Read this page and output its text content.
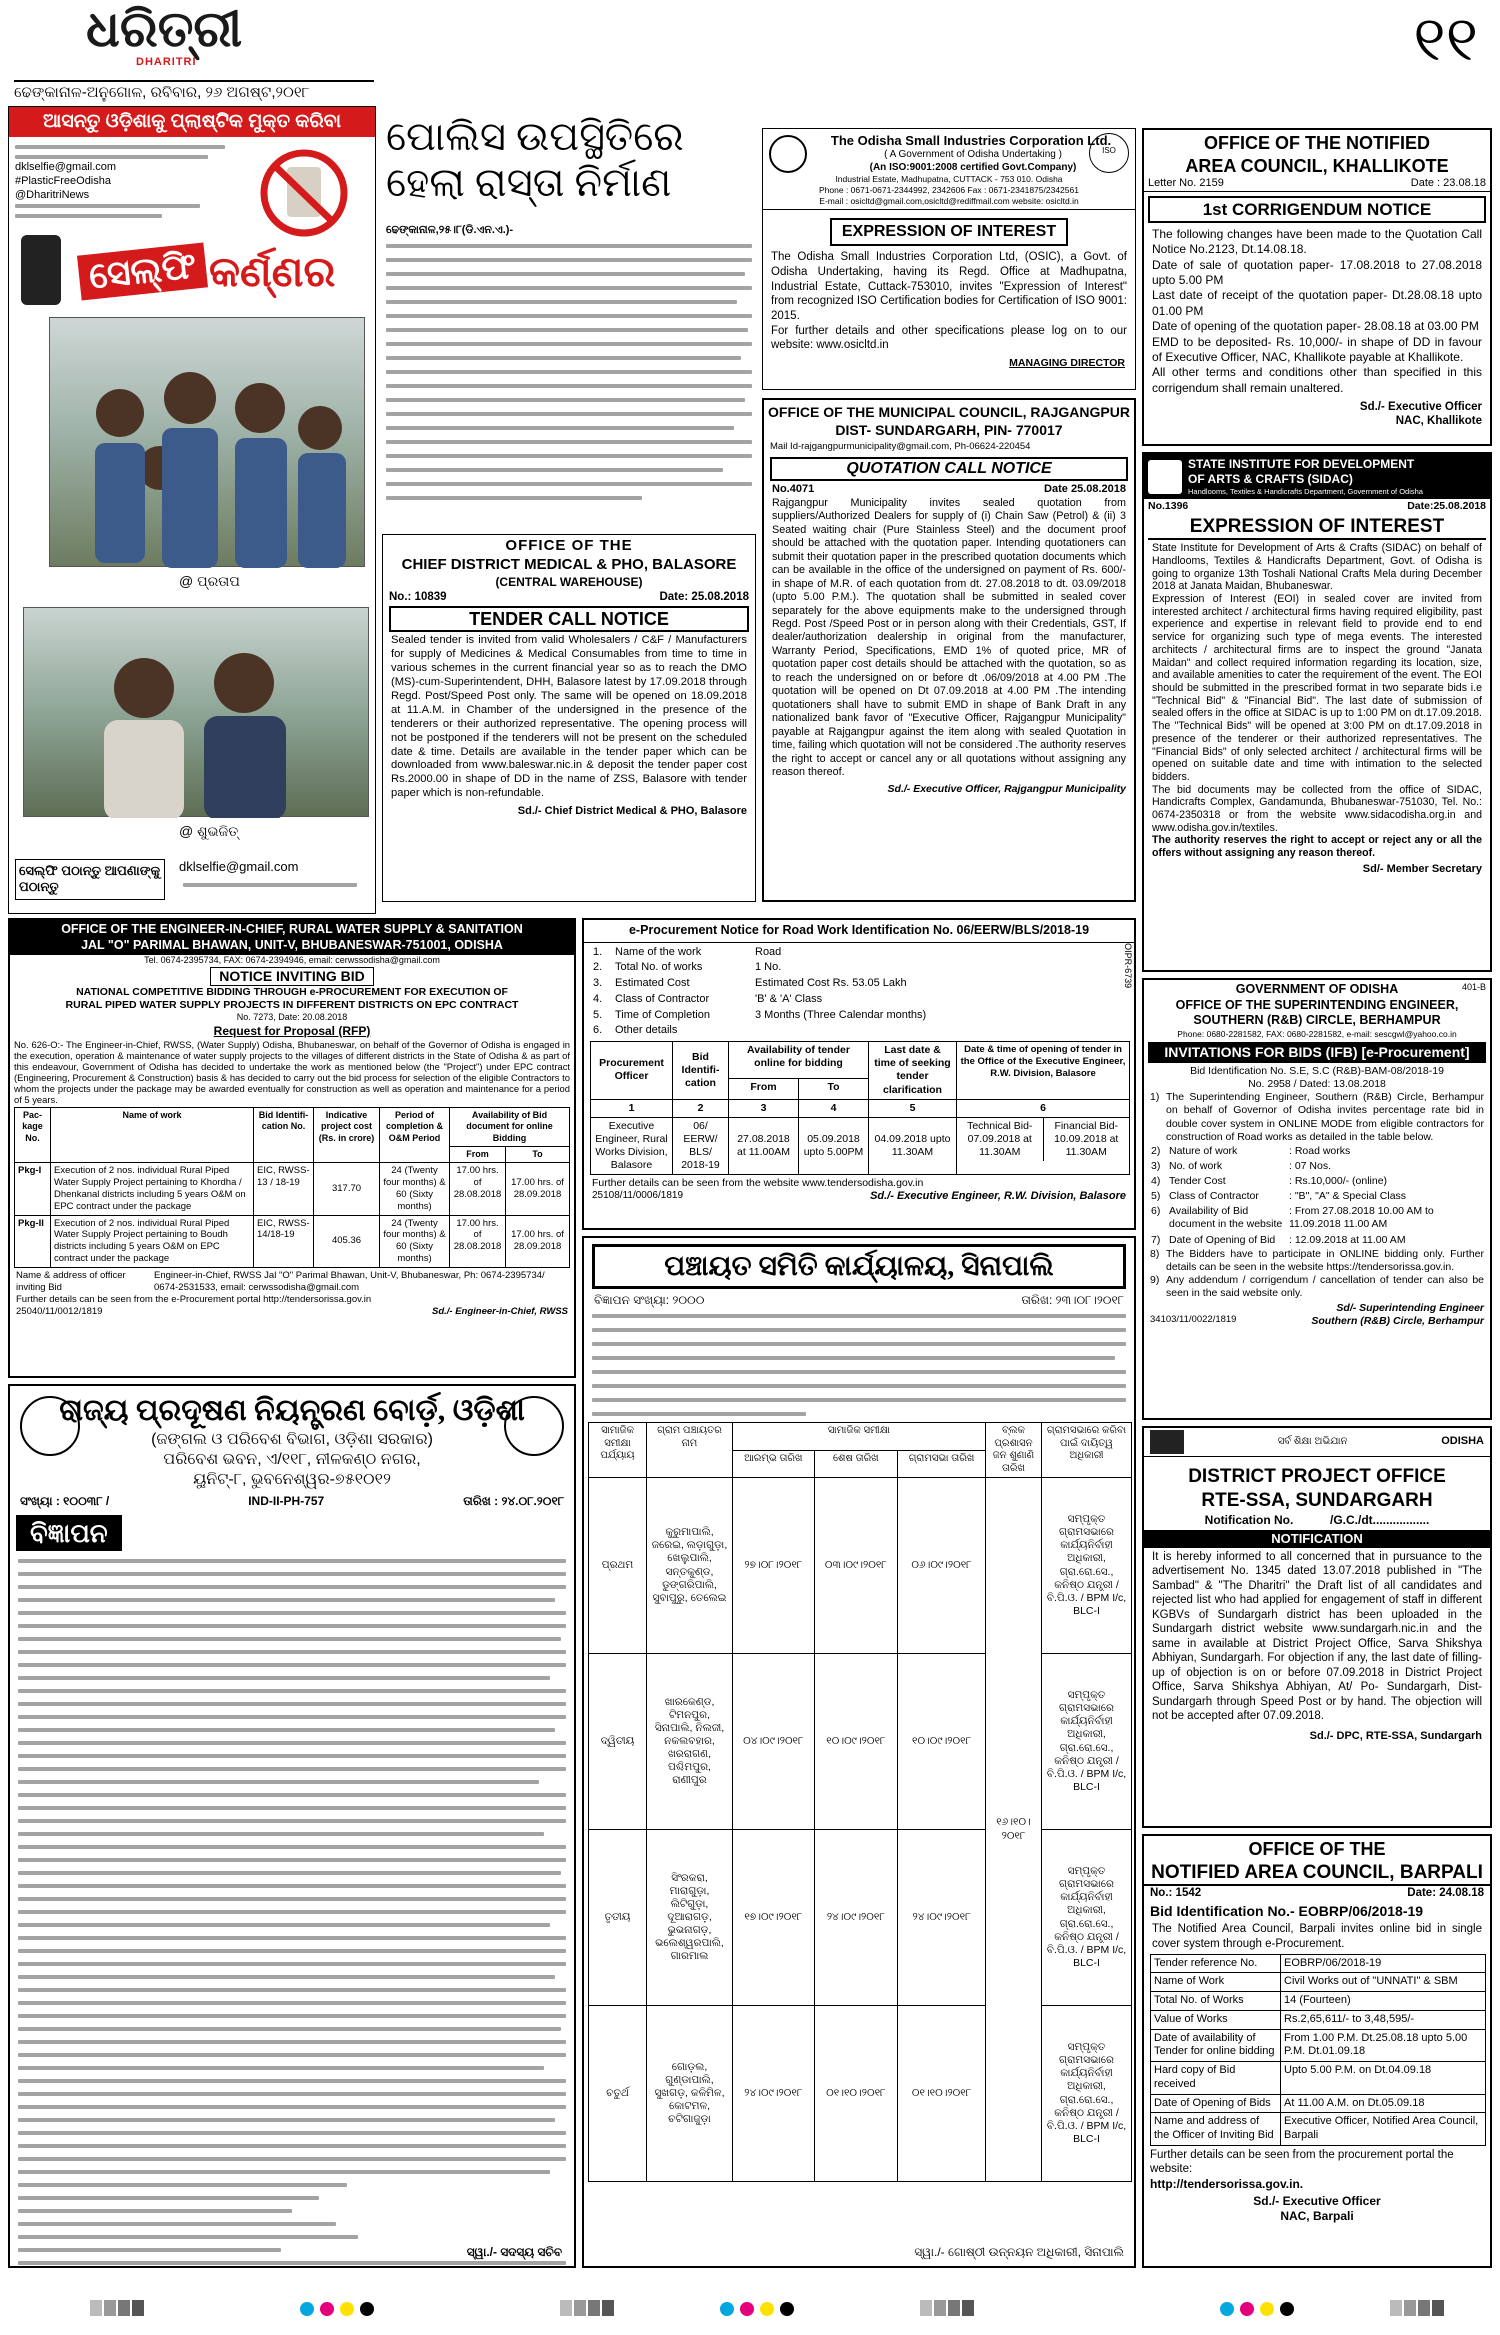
ଧରିତ୍ରୀ
DHARITRI
ଢେଙ୍କାନାଳ-ଅନୁଗୋଳ, ରବିବାର, ୨୬ ଅଗଷ୍ଟ,୨୦୧୮
୧୧
ଆସନ୍ତୁ ଓଡ଼ିଶାକୁ ପ୍ଲାଷ୍ଟିକ ମୁକ୍ତ କରିବା
dklselfie@gmail.com
#PlasticFreeOdisha
@DharitriNews
ସେଲ୍ଫି କର୍ଣ୍ଣର
@ ପ୍ରତାପ
@ ଶୁଭଜିତ୍
ସେଲ୍ଫି ପଠାନ୍ତୁ ଆପଣାଙ୍କୁ ପଠାନ୍ତୁ
dklselfie@gmail.com
ପୋଲିସ ଉପସ୍ଥିତିରେ ହେଲା ରାସ୍ତା ନିର୍ମାଣ
ଢେଙ୍କାନାଳ,୨୫।୮(ଡି.ଏନ.ଏ.)-
The Odisha Small Industries Corporation Ltd.
( A Government of Odisha Undertaking )
(An ISO:9001:2008 certified Govt.Company)
Industrial Estate, Madhupatna, CUTTACK - 753 010. Odisha
Phone : 0671-0671-2344992, 2342606 Fax : 0671-2341875/2342561
E-mail : osicltd@gmail.com,osicltd@rediffmail.com website: osicltd.in
ISO
EXPRESSION OF INTEREST
The Odisha Small Industries Corporation Ltd, (OSIC), a Govt. of Odisha Undertaking, having its Regd. Office at Madhupatna, Industrial Estate, Cuttack-753010, invites "Expression of Interest" from recognized ISO Certification bodies for Certification of ISO 9001: 2015.
For further details and other specifications please log on to our website: www.osicltd.in
MANAGING DIRECTOR
OFFICE OF THE NOTIFIED
AREA COUNCIL, KHALLIKOTE
Letter No. 2159	Date : 23.08.18
1st CORRIGENDUM NOTICE
The following changes have been made to the Quotation Call Notice No.2123, Dt.14.08.18.
Date of sale of quotation paper- 17.08.2018 to 27.08.2018 upto 5.00 PM
Last date of receipt of the quotation paper- Dt.28.08.18 upto 01.00 PM
Date of opening of the quotation paper- 28.08.18 at 03.00 PM
EMD to be deposited- Rs. 10,000/- in shape of DD in favour of Executive Officer, NAC, Khallikote payable at Khallikote.
All other terms and conditions other than specified in this corrigendum shall remain unaltered.
Sd./- Executive Officer
NAC, Khallikote
OFFICE OF THE MUNICIPAL COUNCIL, RAJGANGPUR
DIST- SUNDARGARH, PIN- 770017
Mail Id-rajgangpurmunicipality@gmail.com, Ph-06624-220454
QUOTATION CALL NOTICE
No.4071	Date 25.08.2018
Rajgangpur Municipality invites sealed quotation from suppliers/Authorized Dealers for supply of (i) Chain Saw (Petrol) & (ii) 3 Seated waiting chair (Pure Stainless Steel) and the document proof should be attached with the quotation paper. Intending quotationers can submit their quotation paper in the prescribed quotation documents which can be available in the office of the undersigned on payment of Rs. 600/- in shape of M.R. of each quotation from dt. 27.08.2018 to dt. 03.09/2018 (upto 5.00 P.M.). The quotation shall be submitted in sealed cover separately for the above equipments make to the undersigned through Regd. Post /Speed Post or in person along with their Credentials, GST, If dealer/authorization dealership in original from the manufacturer, Warranty Period, Specifications, EMD 1% of quoted price, MR of quotation paper cost details should be attached with the quotation, so as to reach the undersigned on or before dt .06/09/2018 at 4.00 PM .The quotation will be opened on Dt 07.09.2018 at 4.00 PM .The intending quotationers shall have to submit EMD in shape of Bank Draft in any nationalized bank favor of "Executive Officer, Rajgangpur Municipality" payable at Rajgangpur against the item along with sealed Quotation in time, failing which quotation will not be considered .The authority reserves the right to accept or cancel any or all quotations without assigning any reason thereof.
Sd./- Executive Officer, Rajgangpur Municipality
STATE INSTITUTE FOR DEVELOPMENT
OF ARTS & CRAFTS (SIDAC)
Handlooms, Textiles & Handicrafts Department, Government of Odisha
No.1396	Date:25.08.2018
EXPRESSION OF INTEREST
State Institute for Development of Arts & Crafts (SIDAC) on behalf of Handlooms, Textiles & Handicrafts Department, Govt. of Odisha is going to organize 13th Toshali National Crafts Mela during December 2018 at Janata Maidan, Bhubaneswar.
Expression of Interest (EOI) in sealed cover are invited from interested architect / architectural firms having required eligibility, past experience and expertise in relevant field to provide end to end service for organizing such type of mega events. The interested architects / architectural firms are to inspect the ground "Janata Maidan" and collect required information regarding its location, size, and available amenities to cater the requirement of the event. The EOI should be submitted in the prescribed format in two separate bids i.e "Technical Bid" & "Financial Bid". The last date of submission of sealed offers in the office at SIDAC is up to 1:00 PM on dt.17.09.2018. The "Technical Bids" will be opened at 3:00 PM on dt.17.09.2018 in presence of the tenderer or their authorized representatives. The "Financial Bids" of only selected architect / architectural firms will be opened on suitable date and time with intimation to the selected bidders.
The bid documents may be collected from the office of SIDAC, Handicrafts Complex, Gandamunda, Bhubaneswar-751030, Tel. No.: 0674-2350318 or from the website www.sidacodisha.org.in and www.odisha.gov.in/textiles.
The authority reserves the right to accept or reject any or all the offers without assigning any reason thereof.
Sd/- Member Secretary
OFFICE OF THE
CHIEF DISTRICT MEDICAL & PHO, BALASORE
(CENTRAL WAREHOUSE)
No.: 10839	Date: 25.08.2018
TENDER CALL NOTICE
Sealed tender is invited from valid Wholesalers / C&F / Manufacturers for supply of Medicines & Medical Consumables from time to time in various schemes in the current financial year so as to reach the DMO (MS)-cum-Superintendent, DHH, Balasore latest by 17.09.2018 through Regd. Post/Speed Post only. The same will be opened on 18.09.2018 at 11.A.M. in Chamber of the undersigned in the presence of the tenderers or their authorized representative. The opening process will not be postponed if the tenderers will not be present on the scheduled date & time. Details are available in the tender paper which can be downloaded from www.baleswar.nic.in & deposit the tender paper cost Rs.2000.00 in shape of DD in the name of ZSS, Balasore with tender paper which is non-refundable.
Sd./- Chief District Medical & PHO, Balasore
OFFICE OF THE ENGINEER-IN-CHIEF, RURAL WATER SUPPLY & SANITATION
JAL "O" PARIMAL BHAWAN, UNIT-V, BHUBANESWAR-751001, ODISHA
Tel. 0674-2395734, FAX: 0674-2394946, email: cerwssodisha@gmail.com
NOTICE INVITING BID
NATIONAL COMPETITIVE BIDDING THROUGH e-PROCUREMENT FOR EXECUTION OF
RURAL PIPED WATER SUPPLY PROJECTS IN DIFFERENT DISTRICTS ON EPC CONTRACT
No. 7273, Date: 20.08.2018
Request for Proposal (RFP)
No. 626-O:- The Engineer-in-Chief, RWSS, (Water Supply) Odisha, Bhubaneswar, on behalf of the Governor of Odisha is engaged in the execution, operation & maintenance of water supply projects to the villages of different districts in the State of Odisha & as part of this endeavour, Government of Odisha has decided to undertake the work as mentioned below (the "Project") under EPC contract (Engineering, Procurement & Construction) basis & has decided to carry out the bid process for selection of the eligible Contractors to whom the projects under the package may be awarded eventually for construction as well as operation and maintenance for a period of 5 years.
Pac-kage No.	Name of work	Bid Identifi-cation No.	Indicative project cost (Rs. in crore)	Period of completion & O&M Period	Availability of Bid document for online Bidding	
					From	To
Pkg-I	Execution of 2 nos. individual Rural Piped Water Supply Project pertaining to Khordha / Dhenkanal districts including 5 years O&M on EPC contract under the package	EIC, RWSS-13 / 18-19	317.70	24 (Twenty four months) & 60 (Sixty months)	17.00 hrs. of 28.08.2018	17.00 hrs. of 28.09.2018
Pkg-II	Execution of 2 nos. individual Rural Piped Water Supply Project pertaining to Boudh districts including 5 years O&M on EPC contract under the package	EIC, RWSS-14/18-19	405.36	24 (Twenty four months) & 60 (Sixty months)	17.00 hrs. of 28.08.2018	17.00 hrs. of 28.09.2018
Name & address of officer inviting Bid
Engineer-in-Chief, RWSS Jal "O" Parimal Bhawan, Unit-V, Bhubaneswar, Ph: 0674-2395734/ 0674-2531533, email: cerwssodisha@gmail.com
Further details can be seen from the e-Procurement portal http://tendersorissa.gov.in
25040/11/0012/1819	Sd./- Engineer-in-Chief, RWSS
e-Procurement Notice for Road Work Identification No. 06/EERW/BLS/2018-19
OIPR-6739
1.	Name of the work	Road
2.	Total No. of works	1 No.
3.	Estimated Cost	Estimated Cost Rs. 53.05 Lakh
4.	Class of Contractor	'B' & 'A' Class
5.	Time of Completion	3 Months (Three Calendar months)
6.	Other details	
Procurement Officer	Bid Identifi-cation	Availability of tender online for bidding		Last date & time of seeking tender clarification	Date & time of opening of tender in the Office of the Executive Engineer, R.W. Division, Balasore
		From	To		
1	2	3	4	5	6
Executive Engineer, Rural Works Division, Balasore	06/ EERW/ BLS/ 2018-19	27.08.2018 at 11.00AM	05.09.2018 upto 5.00PM	04.09.2018 upto 11.30AM	Technical Bid- 07.09.2018 at 11.30AM
Financial Bid- 10.09.2018 at 11.30AM
Further details can be seen from the website www.tendersodisha.gov.in
25108/11/0006/1819	Sd./- Executive Engineer, R.W. Division, Balasore
401-B
GOVERNMENT OF ODISHA
OFFICE OF THE SUPERINTENDING ENGINEER,
SOUTHERN (R&B) CIRCLE, BERHAMPUR
Phone: 0680-2281582, FAX: 0680-2281582, e-mail: sescgwl@yahoo.co.in
INVITATIONS FOR BIDS (IFB) [e-Procurement]
Bid Identification No. S.E, S.C (R&B)-BAM-08/2018-19
No. 2958 / Dated: 13.08.2018
1) The Superintending Engineer, Southern (R&B) Circle, Berhampur on behalf of Governor of Odisha invites percentage rate bid in double cover system in ONLINE MODE from eligible contractors for construction of Road works as detailed in the table below.
2)	Nature of work	: Road works
3)	No. of work	: 07 Nos.
4)	Tender Cost	: Rs.10,000/- (online)
5)	Class of Contractor	: "B", "A" & Special Class
6)	Availability of Bid document in the website	: From 27.08.2018 10.00 AM to 11.09.2018 11.00 AM
7)	Date of Opening of Bid	: 12.09.2018 at 11.00 AM
8) The Bidders have to participate in ONLINE bidding only. Further details can be seen in the website https://tendersorissa.gov.in.
9) Any addendum / corrigendum / cancellation of tender can also be seen in the said website only.
34103/11/0022/1819
Sd/- Superintending Engineer
Southern (R&B) Circle, Berhampur
ରାଜ୍ୟ ପ୍ରଦୂଷଣ ନିୟନ୍ତ୍ରଣ ବୋର୍ଡ଼, ଓଡ଼ିଶା
(ଜଙ୍ଗଲ ଓ ପରିବେଶ ବିଭାଗ, ଓଡ଼ିଶା ସରକାର)
ପରିବେଶ ଭବନ, ଏ/୧୧୮, ନୀଳକଣ୍ଠ ନଗର,
ୟୁନିଟ୍-୮, ଭୁବନେଶ୍ୱର-୭୫୧୦୧୨
ସଂଖ୍ୟା : ୧୦୦୩୮ /	IND-II-PH-757	ତାରିଖ : ୨୪.୦୮.୨୦୧୮
ବିଜ୍ଞାପନ
ସ୍ୱା./- ସଦସ୍ୟ ସଚିବ
ପଞ୍ଚାୟତ ସମିତି କାର୍ଯ୍ୟାଳୟ, ସିନାପାଲି
ବିଜ୍ଞାପନ ସଂଖ୍ୟା: ୨୦୦୦	ତାରିଖ: ୨୩।୦୮।୨୦୧୮
ସାମାଜିକ ସମୀକ୍ଷା ପର୍ଯ୍ୟାୟ	ଗ୍ରାମ ପଞ୍ଚାୟତର ନାମ	ସାମାଜିକ ସମୀକ୍ଷା			ବ୍ଲକ ପ୍ରଶାସନ ଜନ ଶୁଣାଣି ତାରିଖ	ଗ୍ରାମସଭାରେ କରିବା ପାଇଁ ଦାୟିତ୍ୱ ଅଧିକାରୀ
		ଆରମ୍ଭ ତାରିଖ	ଶେଷ ତାରିଖ	ଗ୍ରାମସଭା ତାରିଖ		
ପ୍ରଥମ	କୁରୁମାପାଲି, ଜରେଇ, ଲଡ଼ାଗୁଡ଼ା, ଖେଲୁପାଲି, ସନ୍ତକୁଣ୍ଡ, ଡୁଙ୍ଗରିପାଲି, ସୁବାପୁରୁ, ତେଲେଇ	୨୭।୦୮।୨୦୧୮	୦୩।୦୯।୨୦୧୮	୦୬।୦୯।୨୦୧୮	୧୬।୧୦।୨୦୧୮	ସମ୍ପୃକ୍ତ ଗ୍ରାମସଭାରେ କାର୍ଯ୍ୟନିର୍ବାହୀ ଅଧିକାରୀ, ଗ୍ରା.ରୋ.ସେ., କନିଷ୍ଠ ଯନ୍ତ୍ରୀ / ବି.ପି.ଓ. / BPM I/c, BLC-I
ଦ୍ୱିତୀୟ	ଖାରକେଣ୍ଡ, ଟିମନପୁର, ସିନାପାଲି, ନିଲଜୀ, ନକଲବହାର, ଖରରାଗଣ, ପଶ୍ଚିମପୁର, ରାଣୀପୁର	୦୪।୦୯।୨୦୧୮	୧୦।୦୯।୨୦୧୮	୧୦।୦୯।୨୦୧୮		ସମ୍ପୃକ୍ତ ଗ୍ରାମସଭାରେ କାର୍ଯ୍ୟନିର୍ବାହୀ ଅଧିକାରୀ, ଗ୍ରା.ରୋ.ସେ., କନିଷ୍ଠ ଯନ୍ତ୍ରୀ / ବି.ପି.ଓ. / BPM I/c, BLC-I
ତୃତୀୟ	ସିଂରକରା, ମାରାଗୁଡ଼ା, ଲିଟିଗୁଡ଼ା, ଦୂଆରାଗଡ଼, ଭୁଭନାଗଡ଼, ଭଲେଶ୍ୱରପାଲି, ଗାରମାଲ	୧୭।୦୯।୨୦୧୮	୨୪।୦୯।୨୦୧୮	୨୪।୦୯।୨୦୧୮		ସମ୍ପୃକ୍ତ ଗ୍ରାମସଭାରେ କାର୍ଯ୍ୟନିର୍ବାହୀ ଅଧିକାରୀ, ଗ୍ରା.ରୋ.ସେ., କନିଷ୍ଠ ଯନ୍ତ୍ରୀ / ବି.ପି.ଓ. / BPM I/c, BLC-I
ଚତୁର୍ଥ	ଗୋଡ଼ଲ, ଗୁଣ୍ଡାପାଲି, ସୁଖଗଡ଼, କଳିମିଳ, କୋଟମଳ, ଚଟିଗାଜୁଡ଼ା	୨୪।୦୯।୨୦୧୮	୦୧।୧୦।୨୦୧୮	୦୧।୧୦।୨୦୧୮		ସମ୍ପୃକ୍ତ ଗ୍ରାମସଭାରେ କାର୍ଯ୍ୟନିର୍ବାହୀ ଅଧିକାରୀ, ଗ୍ରା.ରୋ.ସେ., କନିଷ୍ଠ ଯନ୍ତ୍ରୀ / ବି.ପି.ଓ. / BPM I/c, BLC-I
ସ୍ୱା./- ଗୋଷ୍ଠୀ ଉନ୍ନୟନ ଅଧିକାରୀ, ସିନାପାଲି
ସର୍ବ ଶିକ୍ଷା ଅଭିଯାନ	ODISHA
DISTRICT PROJECT OFFICE
RTE-SSA, SUNDARGARH
Notification No.           /G.C./dt.................
NOTIFICATION
It is hereby informed to all concerned that in pursuance to the advertisement No. 1345 dated 13.07.2018 published in "The Sambad" & "The Dharitri" the Draft list of all candidates and rejected list who had applied for engagement of staff in different KGBVs of Sundargarh district has been uploaded in the Sundargarh district website www.sundargarh.nic.in and the same in available at District Project Office, Sarva Shikshya Abhiyan, Sundargarh. For objection if any, the last date of filling-up of objection is on or before 07.09.2018 in District Project Office, Sarva Shikshya Abhiyan, At/ Po- Sundargarh, Dist- Sundargarh through Speed Post or by hand. The objection will not be accepted after 07.09.2018.
Sd./- DPC, RTE-SSA, Sundargarh
OFFICE OF THE
NOTIFIED AREA COUNCIL, BARPALI
No.: 1542	Date: 24.08.18
Bid Identification No.- EOBRP/06/2018-19
The Notified Area Council, Barpali invites online bid in single cover system through e-Procurement.
Tender reference No.	EOBRP/06/2018-19
Name of Work	Civil Works out of "UNNATI" & SBM
Total No. of Works	14 (Fourteen)
Value of Works	Rs.2,65,611/- to 3,48,595/-
Date of availability of Tender for online bidding	From 1.00 P.M. Dt.25.08.18 upto 5.00 P.M. Dt.01.09.18
Hard copy of Bid received	Upto 5.00 P.M. on Dt.04.09.18
Date of Opening of Bids	At 11.00 A.M. on Dt.05.09.18
Name and address of the Officer of Inviting Bid	Executive Officer, Notified Area Council, Barpali
Further details can be seen from the procurement portal the website:
http://tendersorissa.gov.in.
Sd./- Executive Officer
NAC, Barpali
